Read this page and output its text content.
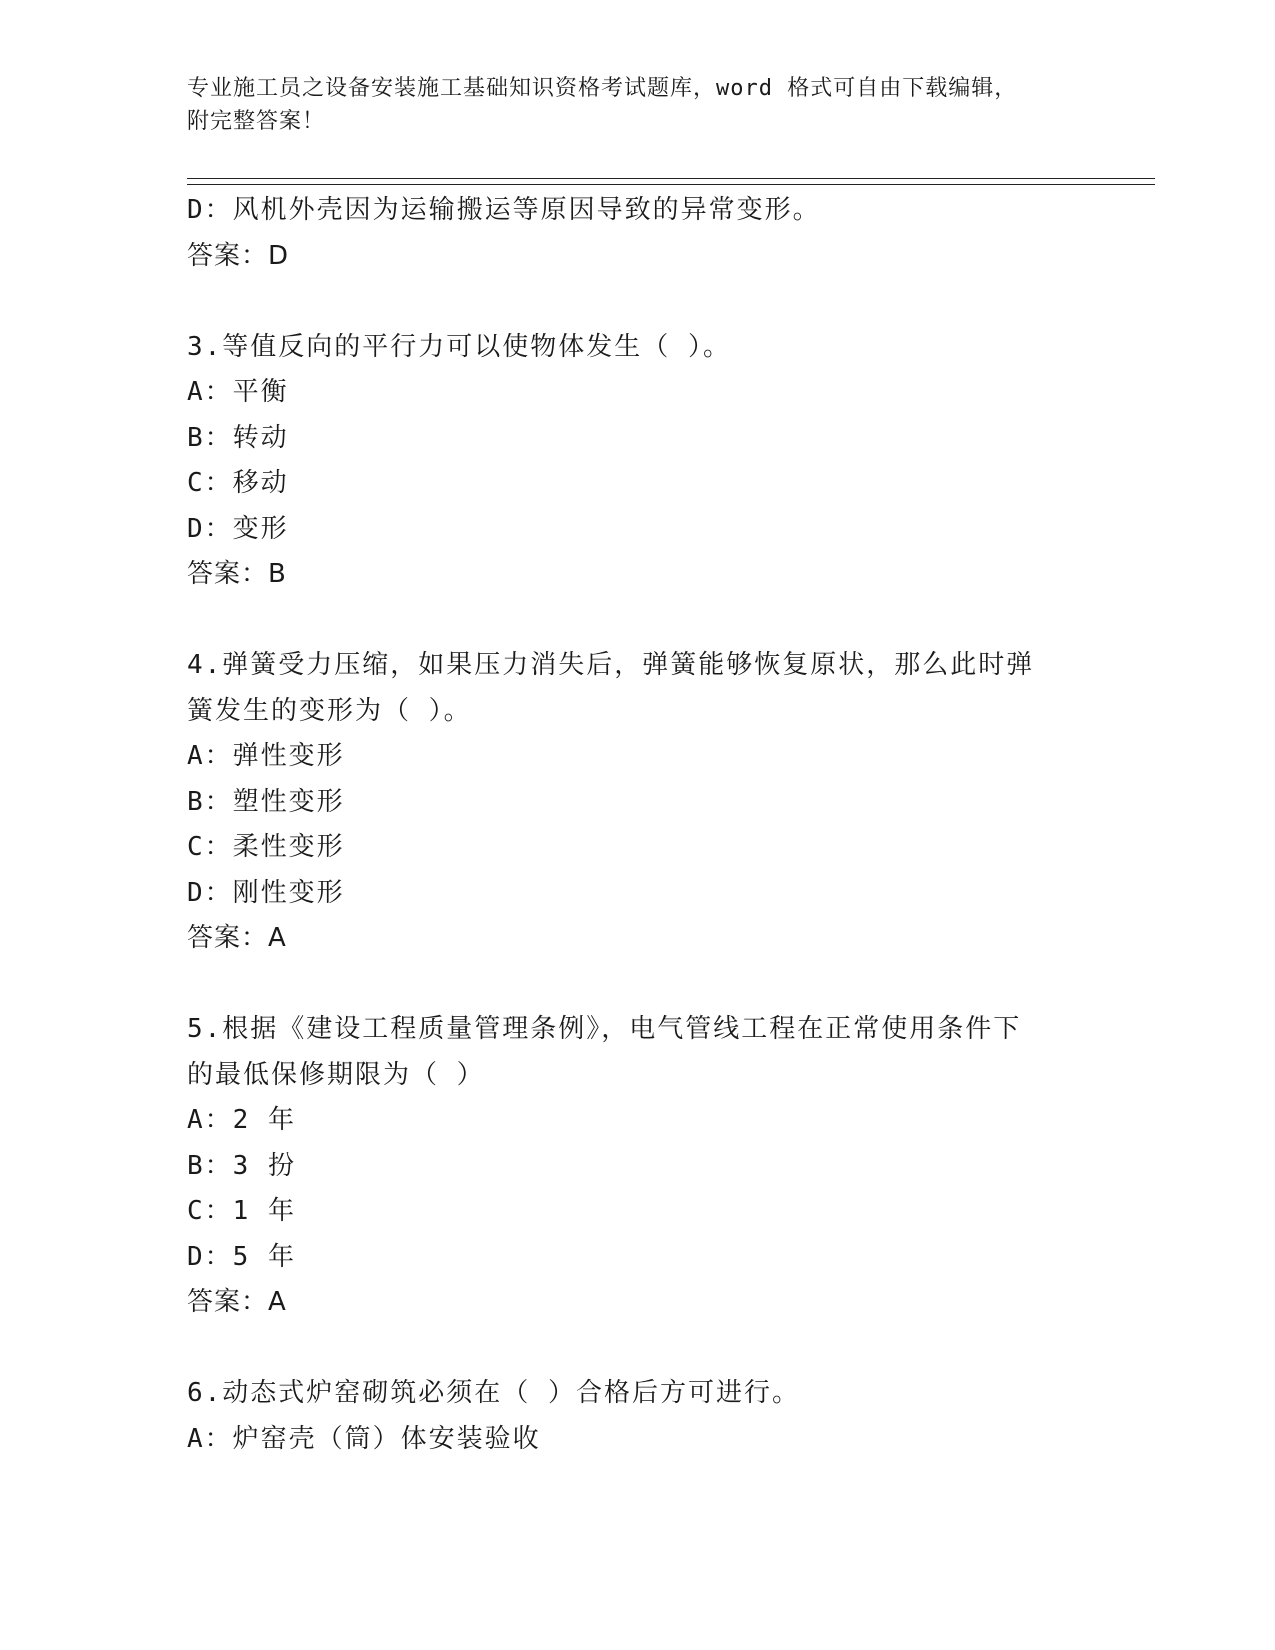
专业施工员之设备安装施工基础知识资格考试题库，word 格式可自由下载编辑，
附完整答案！
D：风机外壳因为运输搬运等原因导致的异常变形。
答案：D
3.等值反向的平行力可以使物体发生（ ）。
A：平衡
B：转动
C：移动
D：变形
答案：B
4.弹簧受力压缩，如果压力消失后，弹簧能够恢复原状，那么此时弹
簧发生的变形为（ ）。
A：弹性变形
B：塑性变形
C：柔性变形
D：刚性变形
答案：A
5.根据《建设工程质量管理条例》，电气管线工程在正常使用条件下
的最低保修期限为（ ）
A：2 年
B：3 扮
C：1 年
D：5 年
答案：A
6.动态式炉窑砌筑必须在（ ）合格后方可进行。
A：炉窑壳（筒）体安装验收
